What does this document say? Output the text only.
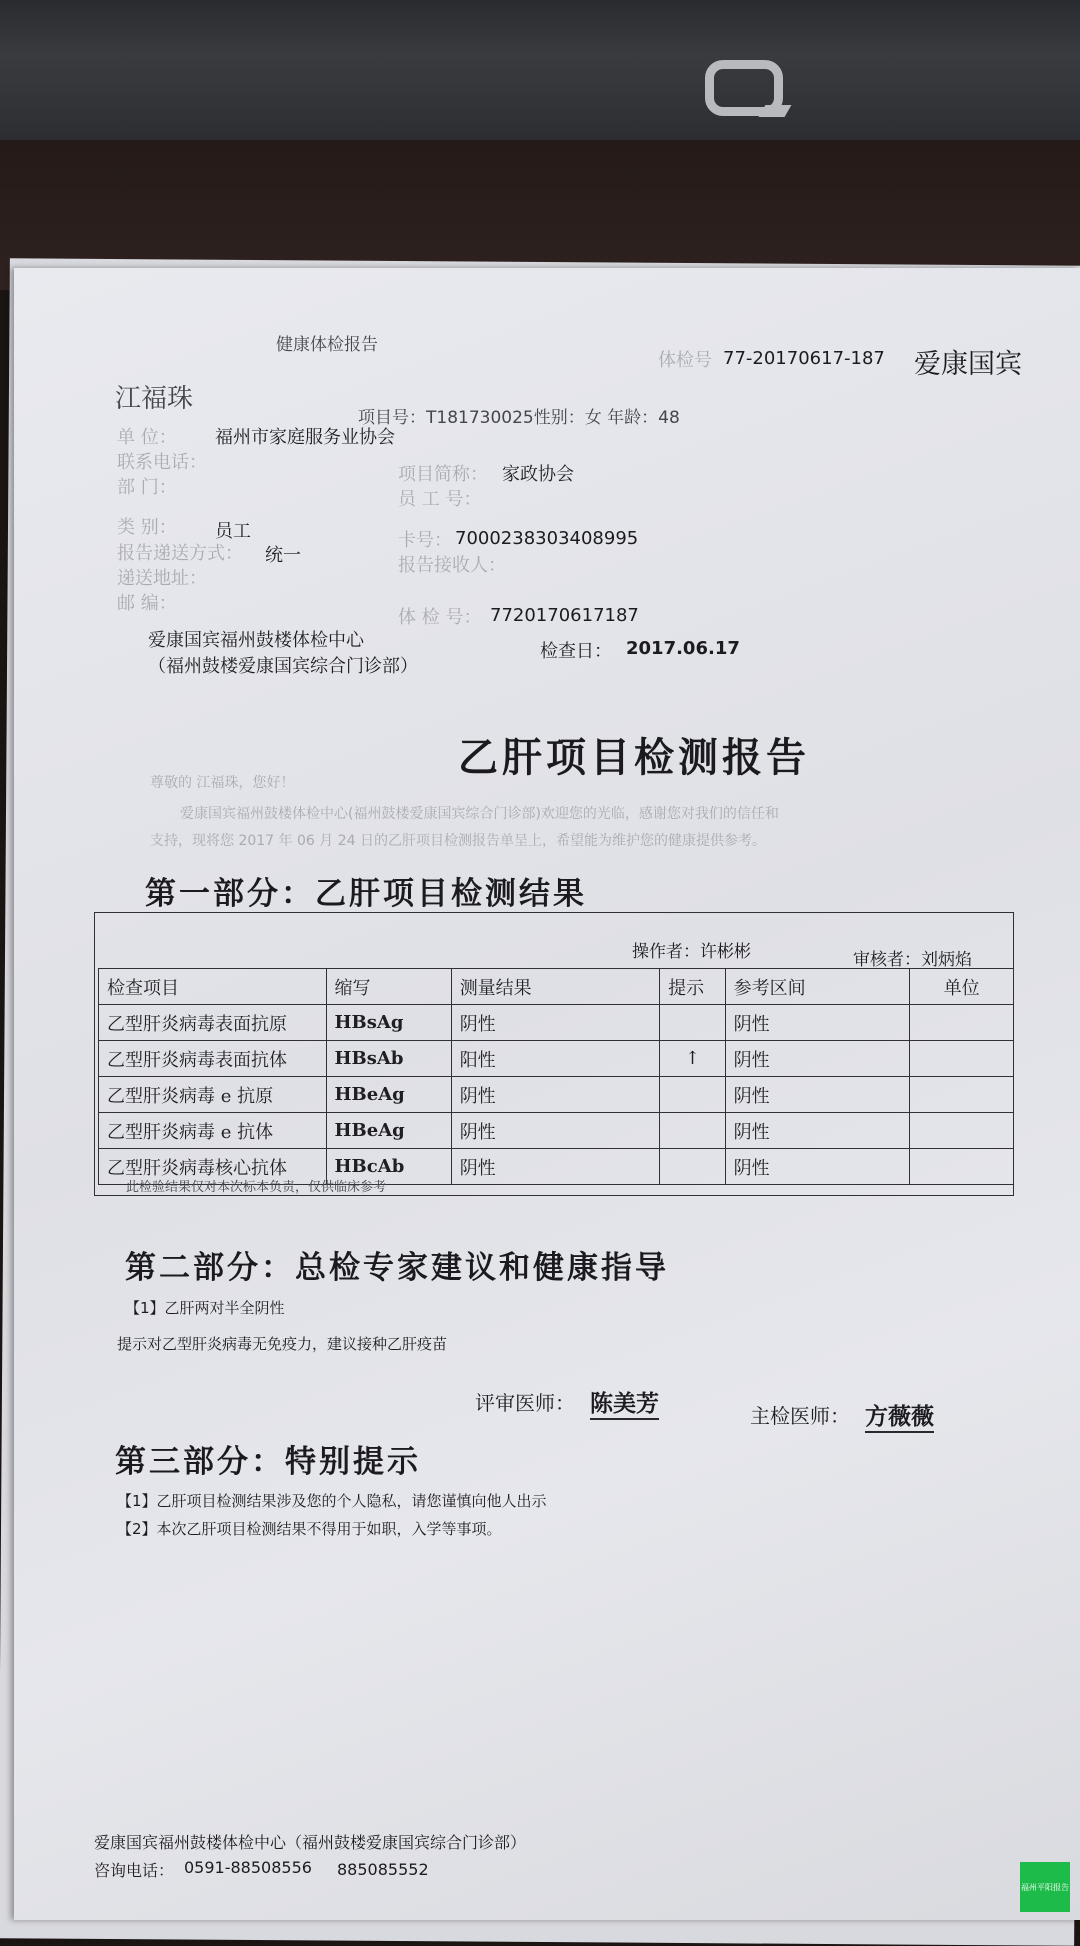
健康体检报告
体检号 77-20170617-187 爱康国宾
江福珠
项目号：T181730025性别：女 年龄：48
单 位： 福州市家庭服务业协会
联系电话：
部 门：
项目简称： 家政协会
员 工 号：
类 别： 员工	卡号： 7000238303408995
报告递送方式： 统一	报告接收人：
递送地址：
邮 编：
体 检 号： 7720170617187
爱康国宾福州鼓楼体检中心
（福州鼓楼爱康国宾综合门诊部）
检查日： 2017.06.17
乙肝项目检测报告
尊敬的 江福珠，您好！
爱康国宾福州鼓楼体检中心(福州鼓楼爱康国宾综合门诊部)欢迎您的光临，感谢您对我们的信任和
支持，现将您 2017 年 06 月 24 日的乙肝项目检测报告单呈上，希望能为维护您的健康提供参考。
第一部分：乙肝项目检测结果
操作者：许彬彬	审核者：刘炳焰
检查项目	缩写	测量结果	提示	参考区间	单位
乙型肝炎病毒表面抗原	HBsAg	阴性		阴性	
乙型肝炎病毒表面抗体	HBsAb	阳性	↑	阴性	
乙型肝炎病毒 e 抗原	HBeAg	阴性		阴性	
乙型肝炎病毒 e 抗体	HBeAg	阴性		阴性	
乙型肝炎病毒核心抗体	HBcAb	阴性		阴性	
此检验结果仅对本次标本负责，仅供临床参考
第二部分：总检专家建议和健康指导
【1】乙肝两对半全阴性
提示对乙型肝炎病毒无免疫力，建议接种乙肝疫苗
评审医师： 陈美芳	主检医师： 方薇薇
第三部分：特别提示
【1】乙肝项目检测结果涉及您的个人隐私，请您谨慎向他人出示
【2】本次乙肝项目检测结果不得用于如职，入学等事项。
爱康国宾福州鼓楼体检中心（福州鼓楼爱康国宾综合门诊部）
咨询电话： 0591-88508556 885085552
福州平阳报告
